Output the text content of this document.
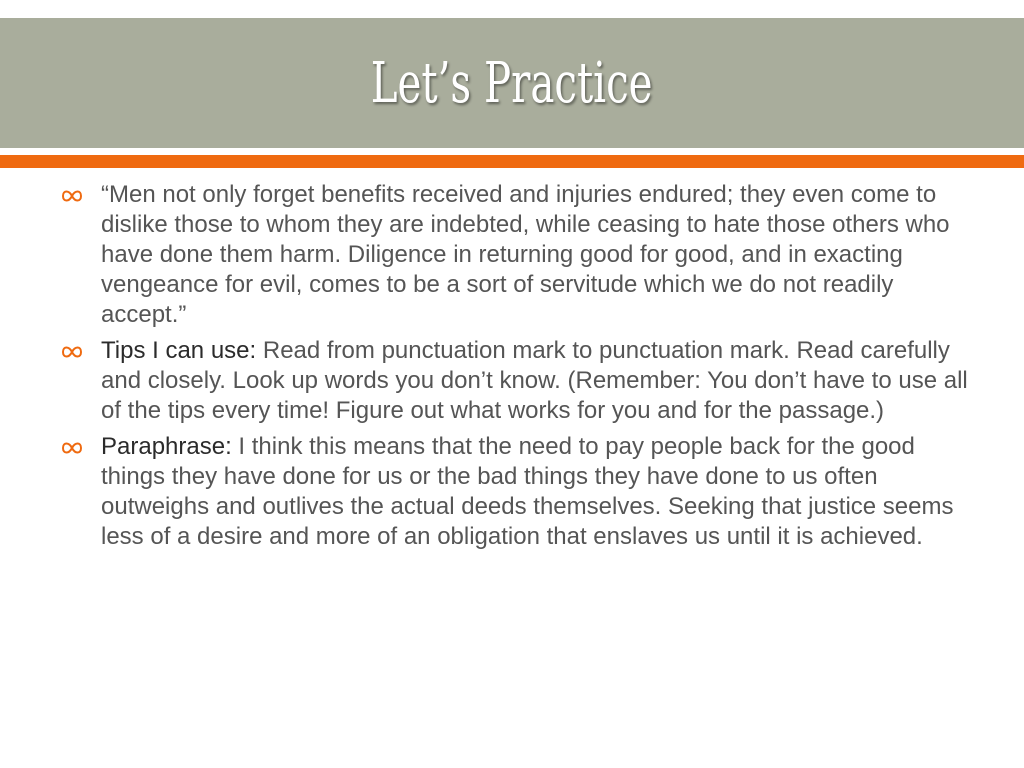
Let’s Practice
“Men not only forget benefits received and injuries endured; they even come to dislike those to whom they are indebted, while ceasing to hate those others who have done them harm. Diligence in returning good for good, and in exacting vengeance for evil, comes to be a sort of servitude which we do not readily accept.”
Tips I can use: Read from punctuation mark to punctuation mark. Read carefully and closely. Look up words you don’t know. (Remember: You don’t have to use all of the tips every time! Figure out what works for you and for the passage.)
Paraphrase: I think this means that the need to pay people back for the good things they have done for us or the bad things they have done to us often outweighs and outlives the actual deeds themselves. Seeking that justice seems less of a desire and more of an obligation that enslaves us until it is achieved.
